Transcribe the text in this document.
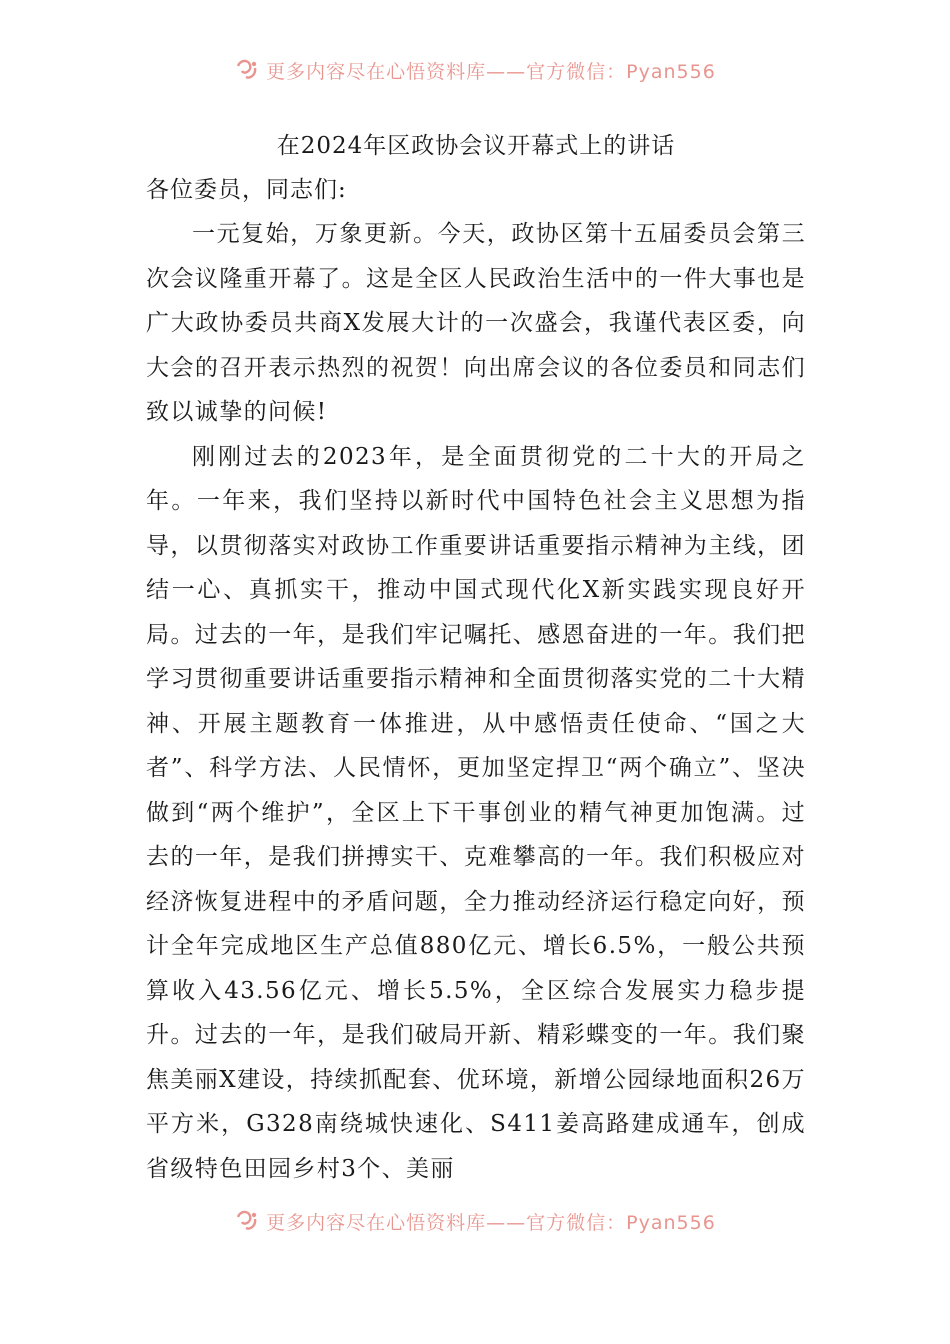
更多内容尽在心悟资料库——官方微信：Pyan556
在2024年区政协会议开幕式上的讲话

各位委员，同志们:

一元复始，万象更新。今天，政协区第十五届委员会第三次会议隆重开幕了。这是全区人民政治生活中的一件大事也是广大政协委员共商X发展大计的一次盛会，我谨代表区委，向大会的召开表示热烈的祝贺！向出席会议的各位委员和同志们致以诚挚的问候!

刚刚过去的2023年，是全面贯彻党的二十大的开局之年。一年来，我们坚持以新时代中国特色社会主义思想为指导，以贯彻落实对政协工作重要讲话重要指示精神为主线，团结一心、真抓实干，推动中国式现代化X新实践实现良好开局。过去的一年，是我们牢记嘱托、感恩奋进的一年。我们把学习贯彻重要讲话重要指示精神和全面贯彻落实党的二十大精神、开展主题教育一体推进，从中感悟责任使命、“国之大者”、科学方法、人民情怀，更加坚定捍卫“两个确立”、坚决做到“两个维护”，全区上下干事创业的精气神更加饱满。过去的一年，是我们拼搏实干、克难攀高的一年。我们积极应对经济恢复进程中的矛盾问题，全力推动经济运行稳定向好，预计全年完成地区生产总值880亿元、增长6.5%，一般公共预算收入43.56亿元、增长5.5%，全区综合发展实力稳步提升。过去的一年，是我们破局开新、精彩蝶变的一年。我们聚焦美丽X建设，持续抓配套、优环境，新增公园绿地面积26万平方米，G328南绕城快速化、S411姜高路建成通车，创成省级特色田园乡村3个、美丽

更多内容尽在心悟资料库——官方微信：Pyan556
